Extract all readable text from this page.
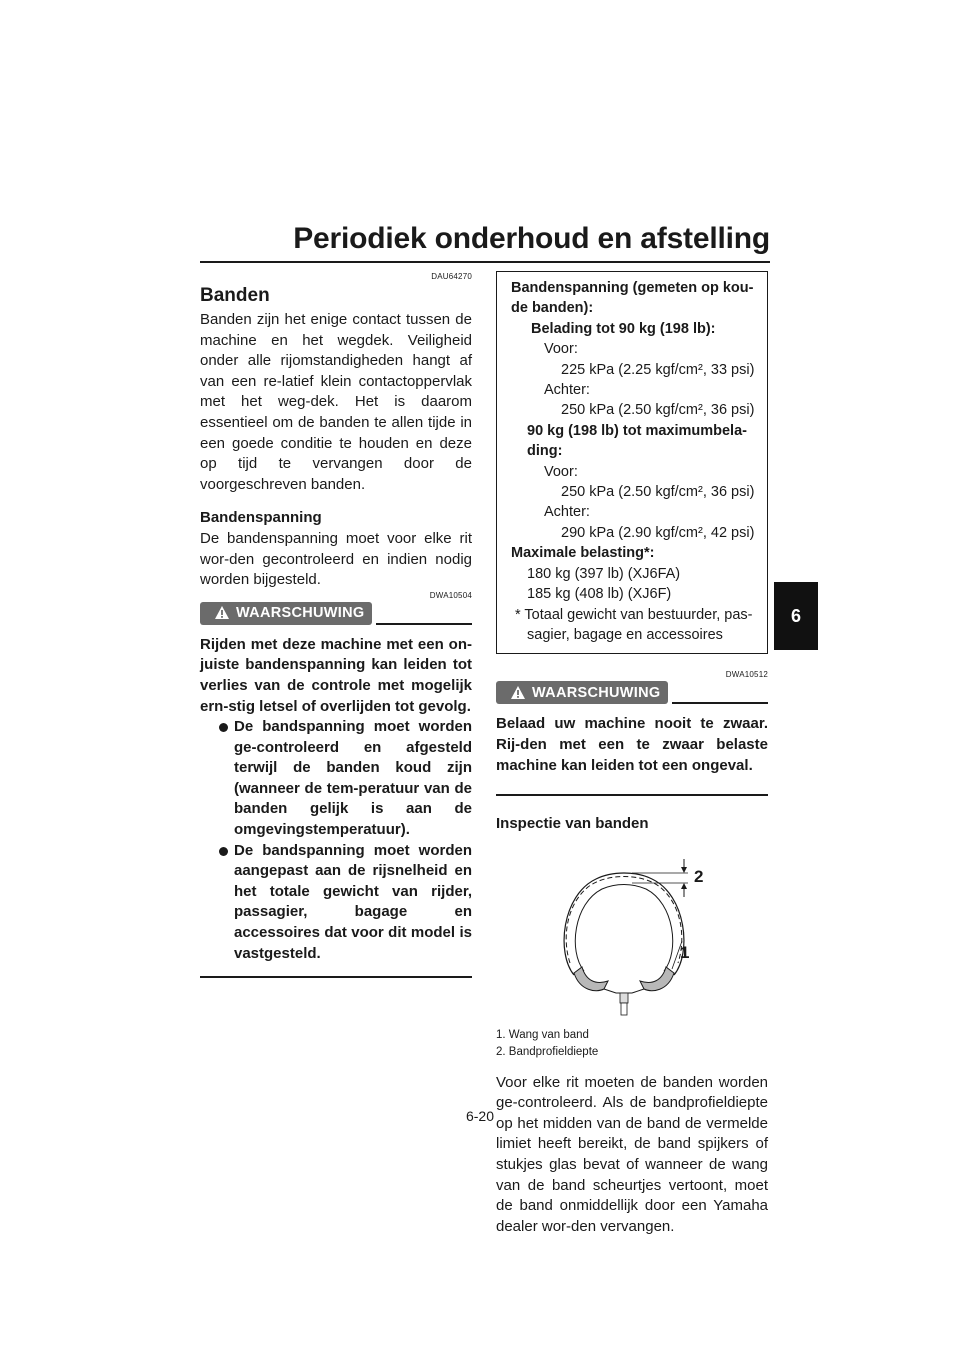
Periodiek onderhoud en afstelling
6
DAU64270
Banden
Banden zijn het enige contact tussen de machine en het wegdek. Veiligheid onder alle rijomstandigheden hangt af van een re-latief klein contactoppervlak met het weg-dek. Het is daarom essentieel om de banden te allen tijde in een goede conditie te houden en deze op tijd te vervangen door de voorgeschreven banden.
Bandenspanning
De bandenspanning moet voor elke rit wor-den gecontroleerd en indien nodig worden bijgesteld.
DWA10504
WAARSCHUWING
Rijden met deze machine met een on-juiste bandenspanning kan leiden tot verlies van de controle met mogelijk ern-stig letsel of overlijden tot gevolg.
De bandspanning moet worden ge-controleerd en afgesteld terwijl de banden koud zijn (wanneer de tem-peratuur van de banden gelijk is aan de omgevingstemperatuur).
De bandspanning moet worden aangepast aan de rijsnelheid en het totale gewicht van rijder, passagier, bagage en accessoires dat voor dit model is vastgesteld.
Bandenspanning (gemeten op kou-
de banden):
Belading tot 90 kg (198 lb):
Voor:
225 kPa (2.25 kgf/cm², 33 psi)
Achter:
250 kPa (2.50 kgf/cm², 36 psi)
90 kg (198 lb) tot maximumbela-
ding:
Voor:
250 kPa (2.50 kgf/cm², 36 psi)
Achter:
290 kPa (2.90 kgf/cm², 42 psi)
Maximale belasting*:
180 kg (397 lb) (XJ6FA)
185 kg (408 lb) (XJ6F)
* Totaal gewicht van bestuurder, pas-
sagier, bagage en accessoires
DWA10512
WAARSCHUWING
Belaad uw machine nooit te zwaar. Rij-den met een te zwaar belaste machine kan leiden tot een ongeval.
Inspectie van banden
2
1
1. Wang van band
2. Bandprofieldiepte
Voor elke rit moeten de banden worden ge-controleerd. Als de bandprofieldiepte op het midden van de band de vermelde limiet heeft bereikt, de band spijkers of stukjes glas bevat of wanneer de wang van de band scheurtjes vertoont, moet de band onmiddellijk door een Yamaha dealer wor-den vervangen.
6-20
